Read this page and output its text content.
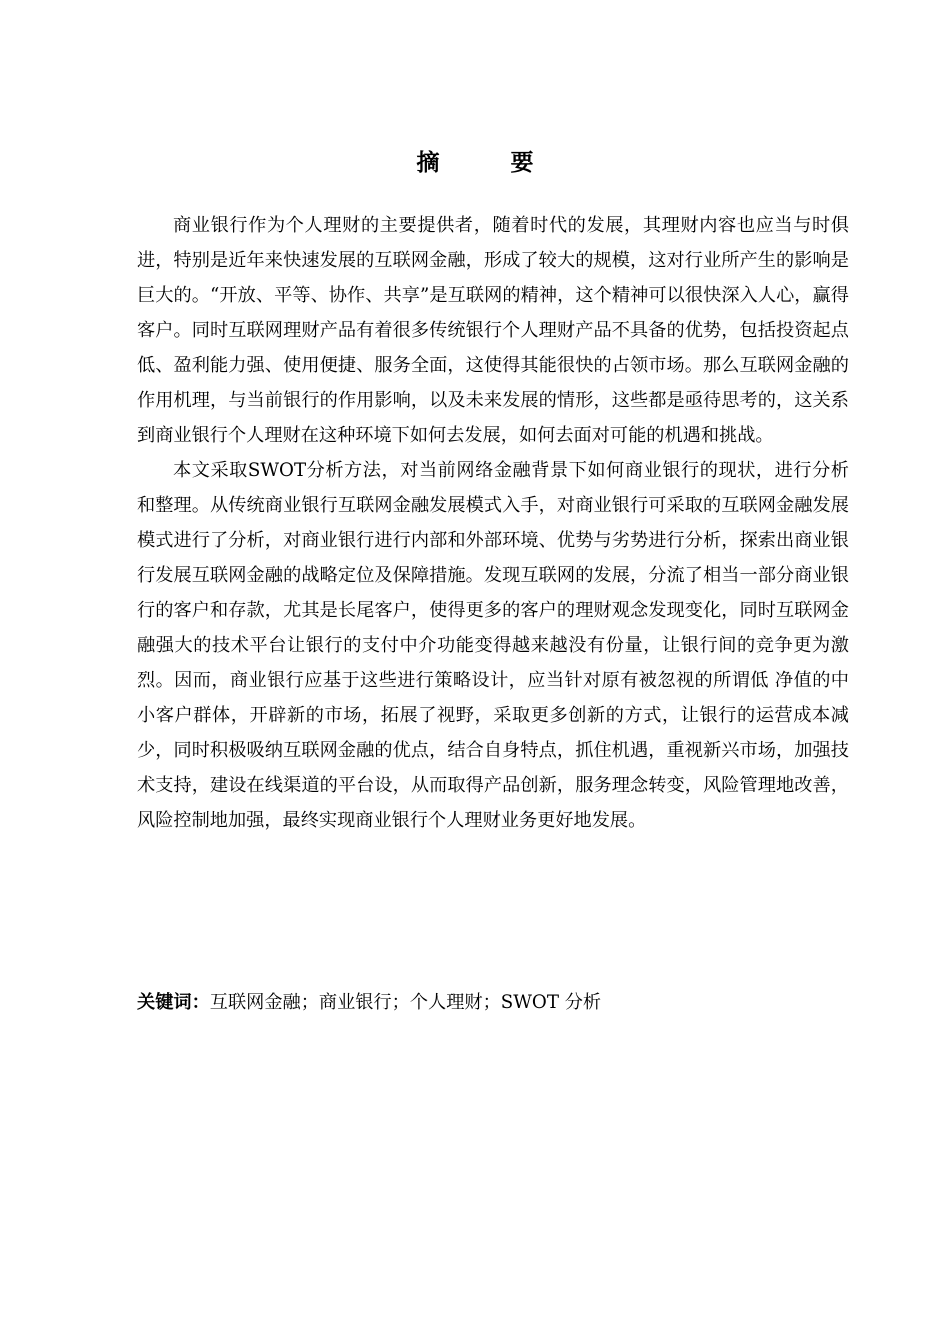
摘　要

商业银行作为个人理财的主要提供者，随着时代的发展，其理财内容也应当与时俱进，特别是近年来快速发展的互联网金融，形成了较大的规模，这对行业所产生的影响是巨大的。“开放、平等、协作、共享”是互联网的精神，这个精神可以很快深入人心，赢得客户。同时互联网理财产品有着很多传统银行个人理财产品不具备的优势，包括投资起点低、盈利能力强、使用便捷、服务全面，这使得其能很快的占领市场。那么互联网金融的作用机理，与当前银行的作用影响，以及未来发展的情形，这些都是亟待思考的，这关系到商业银行个人理财在这种环境下如何去发展，如何去面对可能的机遇和挑战。

本文采取SWOT分析方法，对当前网络金融背景下如何商业银行的现状，进行分析和整理。从传统商业银行互联网金融发展模式入手，对商业银行可采取的互联网金融发展模式进行了分析，对商业银行进行内部和外部环境、优势与劣势进行分析，探索出商业银行发展互联网金融的战略定位及保障措施。发现互联网的发展，分流了相当一部分商业银行的客户和存款，尤其是长尾客户，使得更多的客户的理财观念发现变化，同时互联网金融强大的技术平台让银行的支付中介功能变得越来越没有份量，让银行间的竞争更为激烈。因而，商业银行应基于这些进行策略设计，应当针对原有被忽视的所谓低 净值的中小客户群体，开辟新的市场，拓展了视野，采取更多创新的方式，让银行的运营成本减少，同时积极吸纳互联网金融的优点，结合自身特点，抓住机遇，重视新兴市场，加强技术支持，建设在线渠道的平台设，从而取得产品创新，服务理念转变，风险管理地改善，风险控制地加强，最终实现商业银行个人理财业务更好地发展。

关键词：互联网金融；商业银行；个人理财；SWOT 分析
